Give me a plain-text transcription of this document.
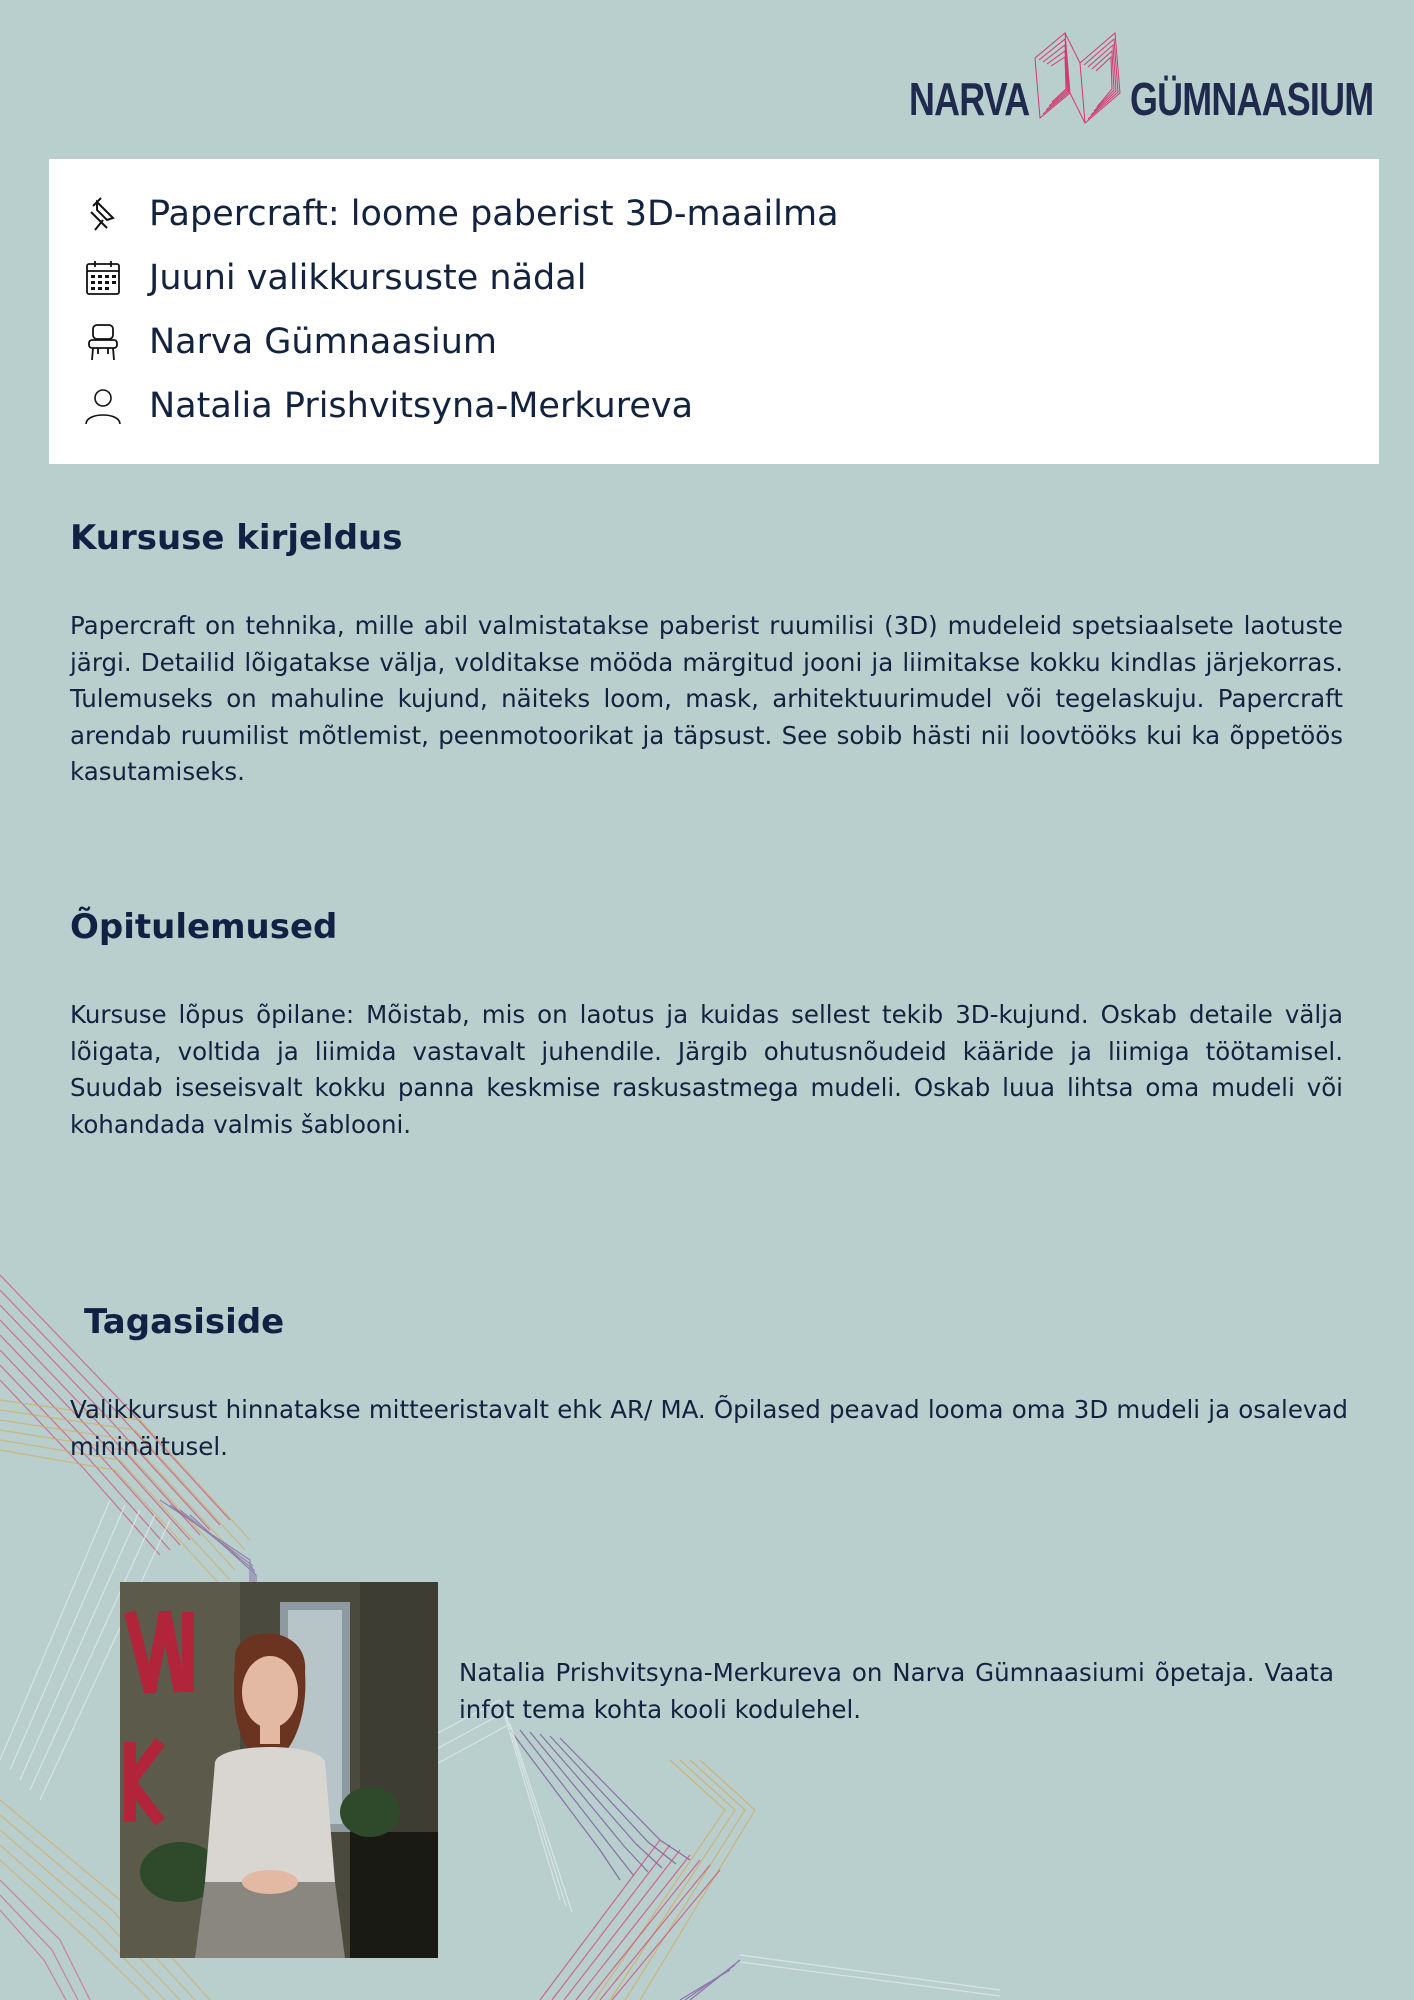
NARVA GÜMNAASIUM
Papercraft: loome paberist 3D-maailma
Juuni valikkursuste nädal
Narva Gümnaasium
Natalia Prishvitsyna-Merkureva
Kursuse kirjeldus

Papercraft on tehnika, mille abil valmistatakse paberist ruumilisi (3D) mudeleid spetsiaalsete laotuste järgi. Detailid lõigatakse välja, volditakse mööda märgitud jooni ja liimitakse kokku kindlas järjekorras. Tulemuseks on mahuline kujund, näiteks loom, mask, arhitektuurimudel või tegelaskuju. Papercraft arendab ruumilist mõtlemist, peenmotoorikat ja täpsust. See sobib hästi nii loovtööks kui ka õppetöös kasutamiseks.

Õpitulemused

Kursuse lõpus õpilane: Mõistab, mis on laotus ja kuidas sellest tekib 3D-kujund. Oskab detaile välja lõigata, voltida ja liimida vastavalt juhendile. Järgib ohutusnõudeid kääride ja liimiga töötamisel. Suudab iseseisvalt kokku panna keskmise raskusastmega mudeli. Oskab luua lihtsa oma mudeli või kohandada valmis šablooni.

Tagasiside

Valikkursust hinnatakse mitteeristavalt ehk AR/ MA. Õpilased peavad looma oma 3D mudeli ja osalevad mininäitusel.

Natalia Prishvitsyna-Merkureva on Narva Gümnaasiumi õpetaja. Vaata infot tema kohta kooli kodulehel.
